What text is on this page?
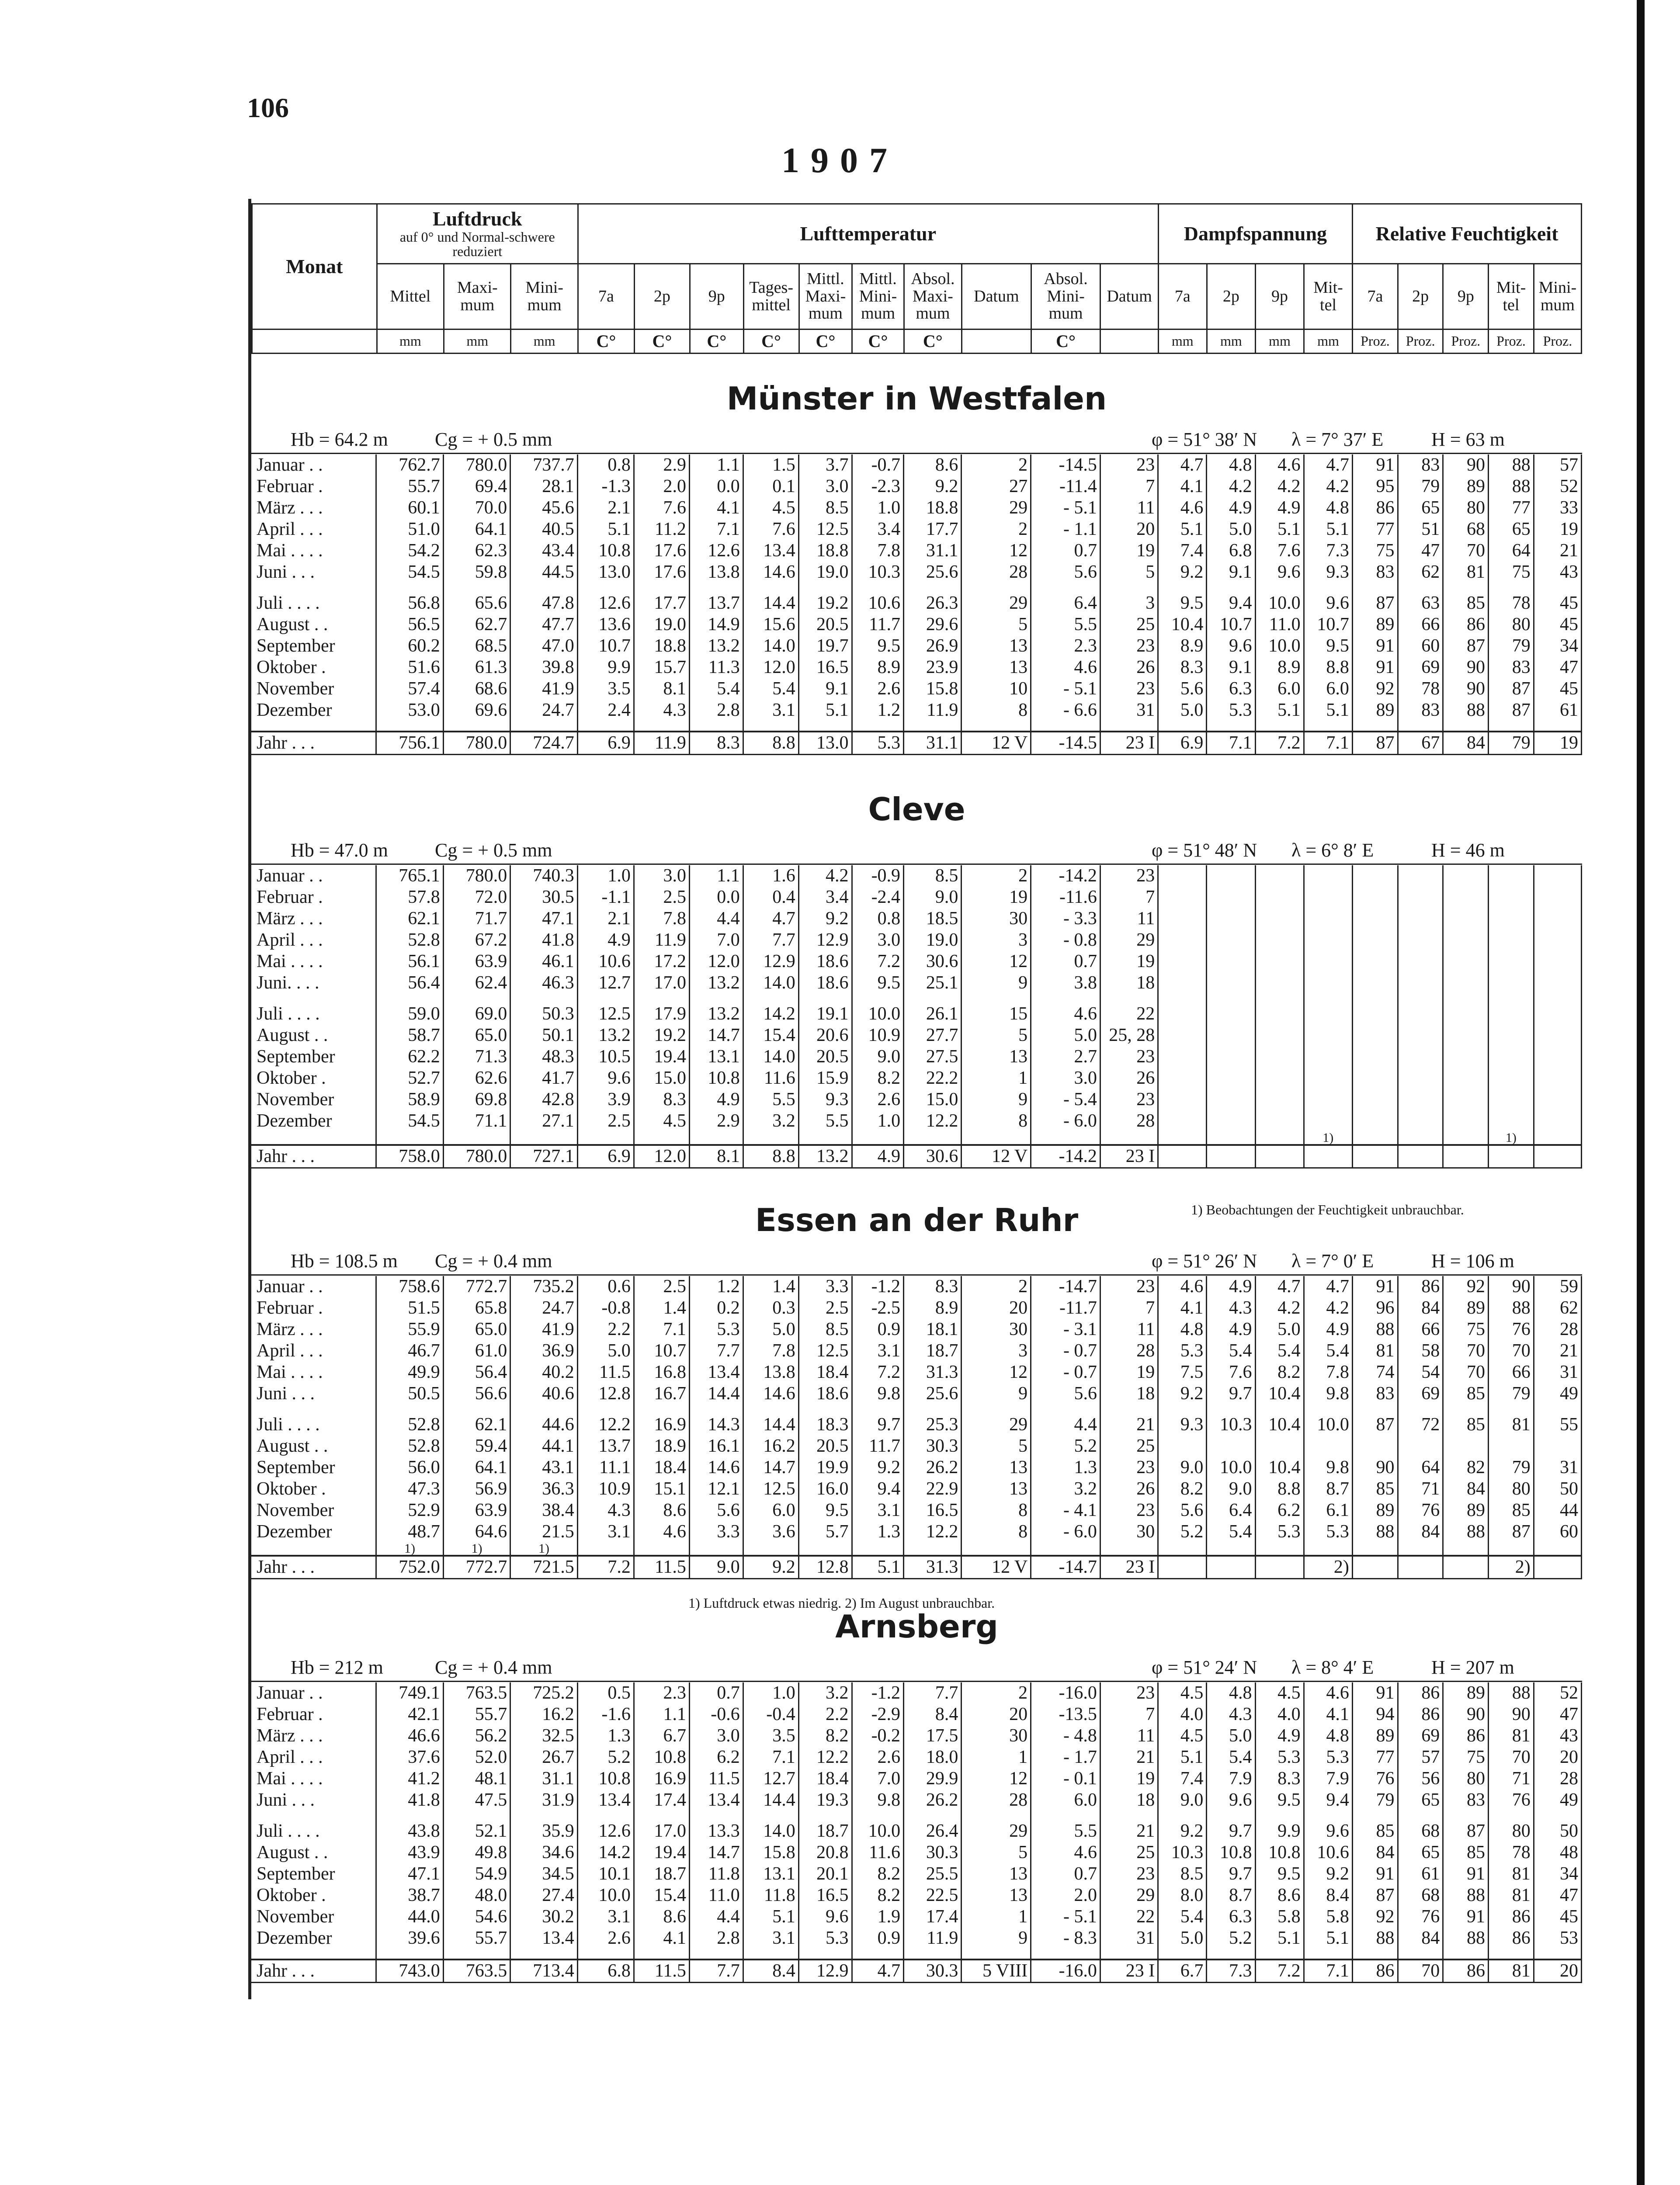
106
1907
Monat	Luftdruck
auf 0° und Normal-schwere reduziert			Lufttemperatur										Dampfspannung				Relative Feuchtigkeit				
	Mittel	Maxi-mum	Mini-mum	7a	2p	9p	Tages-mittel	Mittl. Maxi-mum	Mittl. Mini-mum	Absol. Maxi-mum	Datum	Absol. Mini-mum	Datum	7a	2p	9p	Mit-tel	7a	2p	9p	Mit-tel	Mini-mum
	mm	mm	mm	C°	C°	C°	C°	C°	C°	C°		C°		mm	mm	mm	mm	Proz.	Proz.	Proz.	Proz.	Proz.
Münster in Westfalen
Hb = 64.2 m Cg = + 0.5 mm	φ = 51° 38′ N λ = 7° 37′ E H = 63 m
Januar . .	762.7	780.0	737.7	0.8	2.9	1.1	1.5	3.7	-0.7	8.6	2	-14.5	23	4.7	4.8	4.6	4.7	91	83	90	88	57
Februar .	55.7	69.4	28.1	-1.3	2.0	0.0	0.1	3.0	-2.3	9.2	27	-11.4	7	4.1	4.2	4.2	4.2	95	79	89	88	52
März . . .	60.1	70.0	45.6	2.1	7.6	4.1	4.5	8.5	1.0	18.8	29	- 5.1	11	4.6	4.9	4.9	4.8	86	65	80	77	33
April . . .	51.0	64.1	40.5	5.1	11.2	7.1	7.6	12.5	3.4	17.7	2	- 1.1	20	5.1	5.0	5.1	5.1	77	51	68	65	19
Mai . . . .	54.2	62.3	43.4	10.8	17.6	12.6	13.4	18.8	7.8	31.1	12	0.7	19	7.4	6.8	7.6	7.3	75	47	70	64	21
Juni . . .	54.5	59.8	44.5	13.0	17.6	13.8	14.6	19.0	10.3	25.6	28	5.6	5	9.2	9.1	9.6	9.3	83	62	81	75	43

Juli . . . .	56.8	65.6	47.8	12.6	17.7	13.7	14.4	19.2	10.6	26.3	29	6.4	3	9.5	9.4	10.0	9.6	87	63	85	78	45
August . .	56.5	62.7	47.7	13.6	19.0	14.9	15.6	20.5	11.7	29.6	5	5.5	25	10.4	10.7	11.0	10.7	89	66	86	80	45
September	60.2	68.5	47.0	10.7	18.8	13.2	14.0	19.7	9.5	26.9	13	2.3	23	8.9	9.6	10.0	9.5	91	60	87	79	34
Oktober .	51.6	61.3	39.8	9.9	15.7	11.3	12.0	16.5	8.9	23.9	13	4.6	26	8.3	9.1	8.9	8.8	91	69	90	83	47
November	57.4	68.6	41.9	3.5	8.1	5.4	5.4	9.1	2.6	15.8	10	- 5.1	23	5.6	6.3	6.0	6.0	92	78	90	87	45
Dezember	53.0	69.6	24.7	2.4	4.3	2.8	3.1	5.1	1.2	11.9	8	- 6.6	31	5.0	5.3	5.1	5.1	89	83	88	87	61

Jahr . . .	756.1	780.0	724.7	6.9	11.9	8.3	8.8	13.0	5.3	31.1	12 V	-14.5	23 I	6.9	7.1	7.2	7.1	87	67	84	79	19
Cleve
Hb = 47.0 m Cg = + 0.5 mm	φ = 51° 48′ N λ = 6° 8′ E	H = 46 m
Januar . .	765.1	780.0	740.3	1.0	3.0	1.1	1.6	4.2	-0.9	8.5	2	-14.2	23									
Februar .	57.8	72.0	30.5	-1.1	2.5	0.0	0.4	3.4	-2.4	9.0	19	-11.6	7									
März . . .	62.1	71.7	47.1	2.1	7.8	4.4	4.7	9.2	0.8	18.5	30	- 3.3	11									
April . . .	52.8	67.2	41.8	4.9	11.9	7.0	7.7	12.9	3.0	19.0	3	- 0.8	29									
Mai . . . .	56.1	63.9	46.1	10.6	17.2	12.0	12.9	18.6	7.2	30.6	12	0.7	19									
Juni. . . .	56.4	62.4	46.3	12.7	17.0	13.2	14.0	18.6	9.5	25.1	9	3.8	18									

Juli . . . .	59.0	69.0	50.3	12.5	17.9	13.2	14.2	19.1	10.0	26.1	15	4.6	22									
August . .	58.7	65.0	50.1	13.2	19.2	14.7	15.4	20.6	10.9	27.7	5	5.0	25, 28									
September	62.2	71.3	48.3	10.5	19.4	13.1	14.0	20.5	9.0	27.5	13	2.7	23									
Oktober .	52.7	62.6	41.7	9.6	15.0	10.8	11.6	15.9	8.2	22.2	1	3.0	26									
November	58.9	69.8	42.8	3.9	8.3	4.9	5.5	9.3	2.6	15.0	9	- 5.4	23									
Dezember	54.5	71.1	27.1	2.5	4.5	2.9	3.2	5.5	1.0	12.2	8	- 6.0	28									
																	1)				1)	
Jahr . . .	758.0	780.0	727.1	6.9	12.0	8.1	8.8	13.2	4.9	30.6	12 V	-14.2	23 I									
1) Beobachtungen der Feuchtigkeit unbrauchbar.
Essen an der Ruhr
Hb = 108.5 m Cg = + 0.4 mm	φ = 51° 26′ N λ = 7° 0′ E	H = 106 m
Januar . .	758.6	772.7	735.2	0.6	2.5	1.2	1.4	3.3	-1.2	8.3	2	-14.7	23	4.6	4.9	4.7	4.7	91	86	92	90	59
Februar .	51.5	65.8	24.7	-0.8	1.4	0.2	0.3	2.5	-2.5	8.9	20	-11.7	7	4.1	4.3	4.2	4.2	96	84	89	88	62
März . . .	55.9	65.0	41.9	2.2	7.1	5.3	5.0	8.5	0.9	18.1	30	- 3.1	11	4.8	4.9	5.0	4.9	88	66	75	76	28
April . . .	46.7	61.0	36.9	5.0	10.7	7.7	7.8	12.5	3.1	18.7	3	- 0.7	28	5.3	5.4	5.4	5.4	81	58	70	70	21
Mai . . . .	49.9	56.4	40.2	11.5	16.8	13.4	13.8	18.4	7.2	31.3	12	- 0.7	19	7.5	7.6	8.2	7.8	74	54	70	66	31
Juni . . .	50.5	56.6	40.6	12.8	16.7	14.4	14.6	18.6	9.8	25.6	9	5.6	18	9.2	9.7	10.4	9.8	83	69	85	79	49

Juli . . . .	52.8	62.1	44.6	12.2	16.9	14.3	14.4	18.3	9.7	25.3	29	4.4	21	9.3	10.3	10.4	10.0	87	72	85	81	55
August . .	52.8	59.4	44.1	13.7	18.9	16.1	16.2	20.5	11.7	30.3	5	5.2	25									
September	56.0	64.1	43.1	11.1	18.4	14.6	14.7	19.9	9.2	26.2	13	1.3	23	9.0	10.0	10.4	9.8	90	64	82	79	31
Oktober .	47.3	56.9	36.3	10.9	15.1	12.1	12.5	16.0	9.4	22.9	13	3.2	26	8.2	9.0	8.8	8.7	85	71	84	80	50
November	52.9	63.9	38.4	4.3	8.6	5.6	6.0	9.5	3.1	16.5	8	- 4.1	23	5.6	6.4	6.2	6.1	89	76	89	85	44
Dezember	48.7	64.6	21.5	3.1	4.6	3.3	3.6	5.7	1.3	12.2	8	- 6.0	30	5.2	5.4	5.3	5.3	88	84	88	87	60
	1)	1)	1)																			
Jahr . . .	752.0	772.7	721.5	7.2	11.5	9.0	9.2	12.8	5.1	31.3	12 V	-14.7	23 I				2)				2)	
1) Luftdruck etwas niedrig. 2) Im August unbrauchbar.
Arnsberg
Hb = 212 m	Cg = + 0.4 mm	φ = 51° 24′ N λ = 8° 4′ E	H = 207 m
Januar . .	749.1	763.5	725.2	0.5	2.3	0.7	1.0	3.2	-1.2	7.7	2	-16.0	23	4.5	4.8	4.5	4.6	91	86	89	88	52
Februar .	42.1	55.7	16.2	-1.6	1.1	-0.6	-0.4	2.2	-2.9	8.4	20	-13.5	7	4.0	4.3	4.0	4.1	94	86	90	90	47
März . . .	46.6	56.2	32.5	1.3	6.7	3.0	3.5	8.2	-0.2	17.5	30	- 4.8	11	4.5	5.0	4.9	4.8	89	69	86	81	43
April . . .	37.6	52.0	26.7	5.2	10.8	6.2	7.1	12.2	2.6	18.0	1	- 1.7	21	5.1	5.4	5.3	5.3	77	57	75	70	20
Mai . . . .	41.2	48.1	31.1	10.8	16.9	11.5	12.7	18.4	7.0	29.9	12	- 0.1	19	7.4	7.9	8.3	7.9	76	56	80	71	28
Juni . . .	41.8	47.5	31.9	13.4	17.4	13.4	14.4	19.3	9.8	26.2	28	6.0	18	9.0	9.6	9.5	9.4	79	65	83	76	49

Juli . . . .	43.8	52.1	35.9	12.6	17.0	13.3	14.0	18.7	10.0	26.4	29	5.5	21	9.2	9.7	9.9	9.6	85	68	87	80	50
August . .	43.9	49.8	34.6	14.2	19.4	14.7	15.8	20.8	11.6	30.3	5	4.6	25	10.3	10.8	10.8	10.6	84	65	85	78	48
September	47.1	54.9	34.5	10.1	18.7	11.8	13.1	20.1	8.2	25.5	13	0.7	23	8.5	9.7	9.5	9.2	91	61	91	81	34
Oktober .	38.7	48.0	27.4	10.0	15.4	11.0	11.8	16.5	8.2	22.5	13	2.0	29	8.0	8.7	8.6	8.4	87	68	88	81	47
November	44.0	54.6	30.2	3.1	8.6	4.4	5.1	9.6	1.9	17.4	1	- 5.1	22	5.4	6.3	5.8	5.8	92	76	91	86	45
Dezember	39.6	55.7	13.4	2.6	4.1	2.8	3.1	5.3	0.9	11.9	9	- 8.3	31	5.0	5.2	5.1	5.1	88	84	88	86	53

Jahr . . .	743.0	763.5	713.4	6.8	11.5	7.7	8.4	12.9	4.7	30.3	5 VIII	-16.0	23 I	6.7	7.3	7.2	7.1	86	70	86	81	20
